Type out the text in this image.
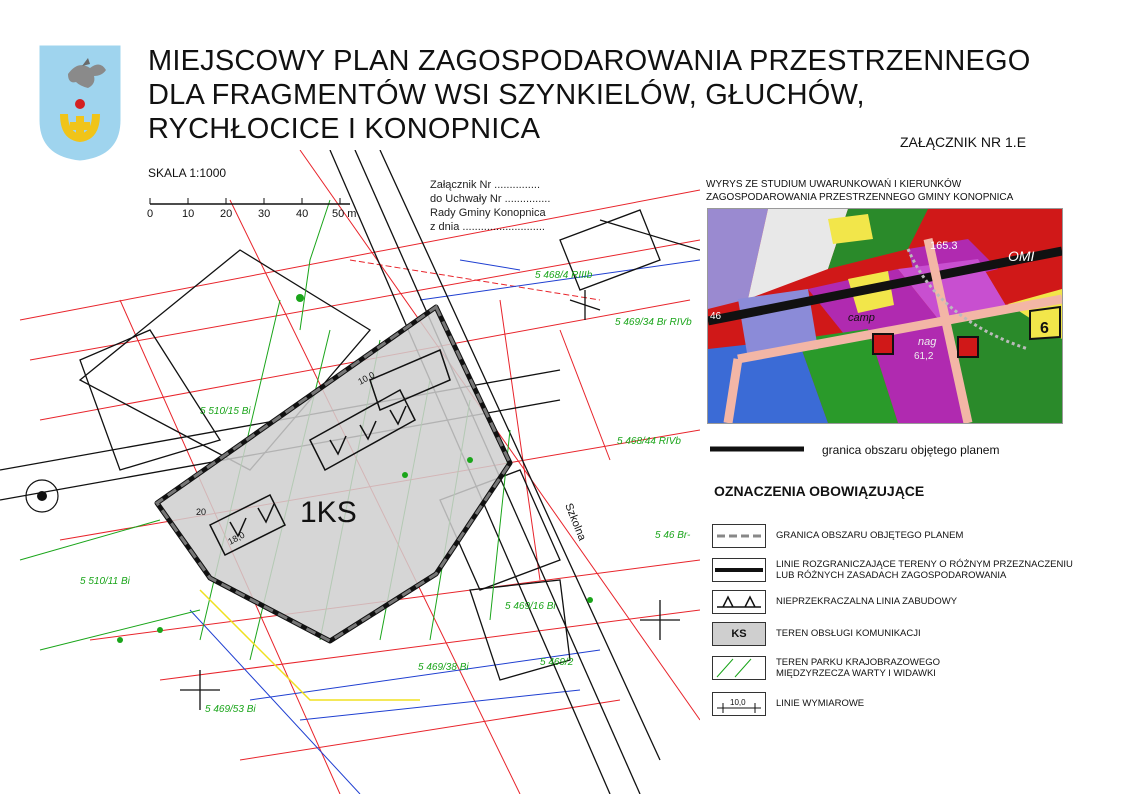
MIEJSCOWY PLAN ZAGOSPODAROWANIA PRZESTRZENNEGO
DLA FRAGMENTÓW WSI SZYNKIELÓW, GŁUCHÓW,
RYCHŁOCICE I KONOPNICA	ZAŁĄCZNIK NR 1.E
5 468/4 RIIIb
5 469/34 Br RIVb
5 510/15 Bi
5 468/44 RIVb
5 510/11 Bi
5 469/16 Bi
5 469/38 Bi
5 469/53 Bi
5 469/2
5 46 Br-
Szkolna
10,0
18,0
20	1KS
Załącznik Nr ...............
do Uchwały Nr ...............
Rady Gminy Konopnica
z dnia ...........................
SKALA 1:1000
0	10 20 30 40 50 m
WYRYS ZE STUDIUM UWARUNKOWAŃ I KIERUNKÓW
ZAGOSPODAROWANIA PRZESTRZENNEGO GMINY KONOPNICA
6
165.3
OMI
camp
nag
61,2
46
granica obszaru objętego planem
OZNACZENIA OBOWIĄZUJĄCE
GRANICA OBSZARU OBJĘTEGO PLANEM
LINIE ROZGRANICZAJĄCE TERENY O RÓŻNYM PRZEZNACZENIU
LUB RÓŻNYCH ZASADACH ZAGOSPODAROWANIA
NIEPRZEKRACZALNA LINIA ZABUDOWY
KS	TEREN OBSŁUGI KOMUNIKACJI
TEREN PARKU KRAJOBRAZOWEGO
MIĘDZYRZECZA WARTY I WIDAWKI
10,0	LINIE WYMIAROWE
